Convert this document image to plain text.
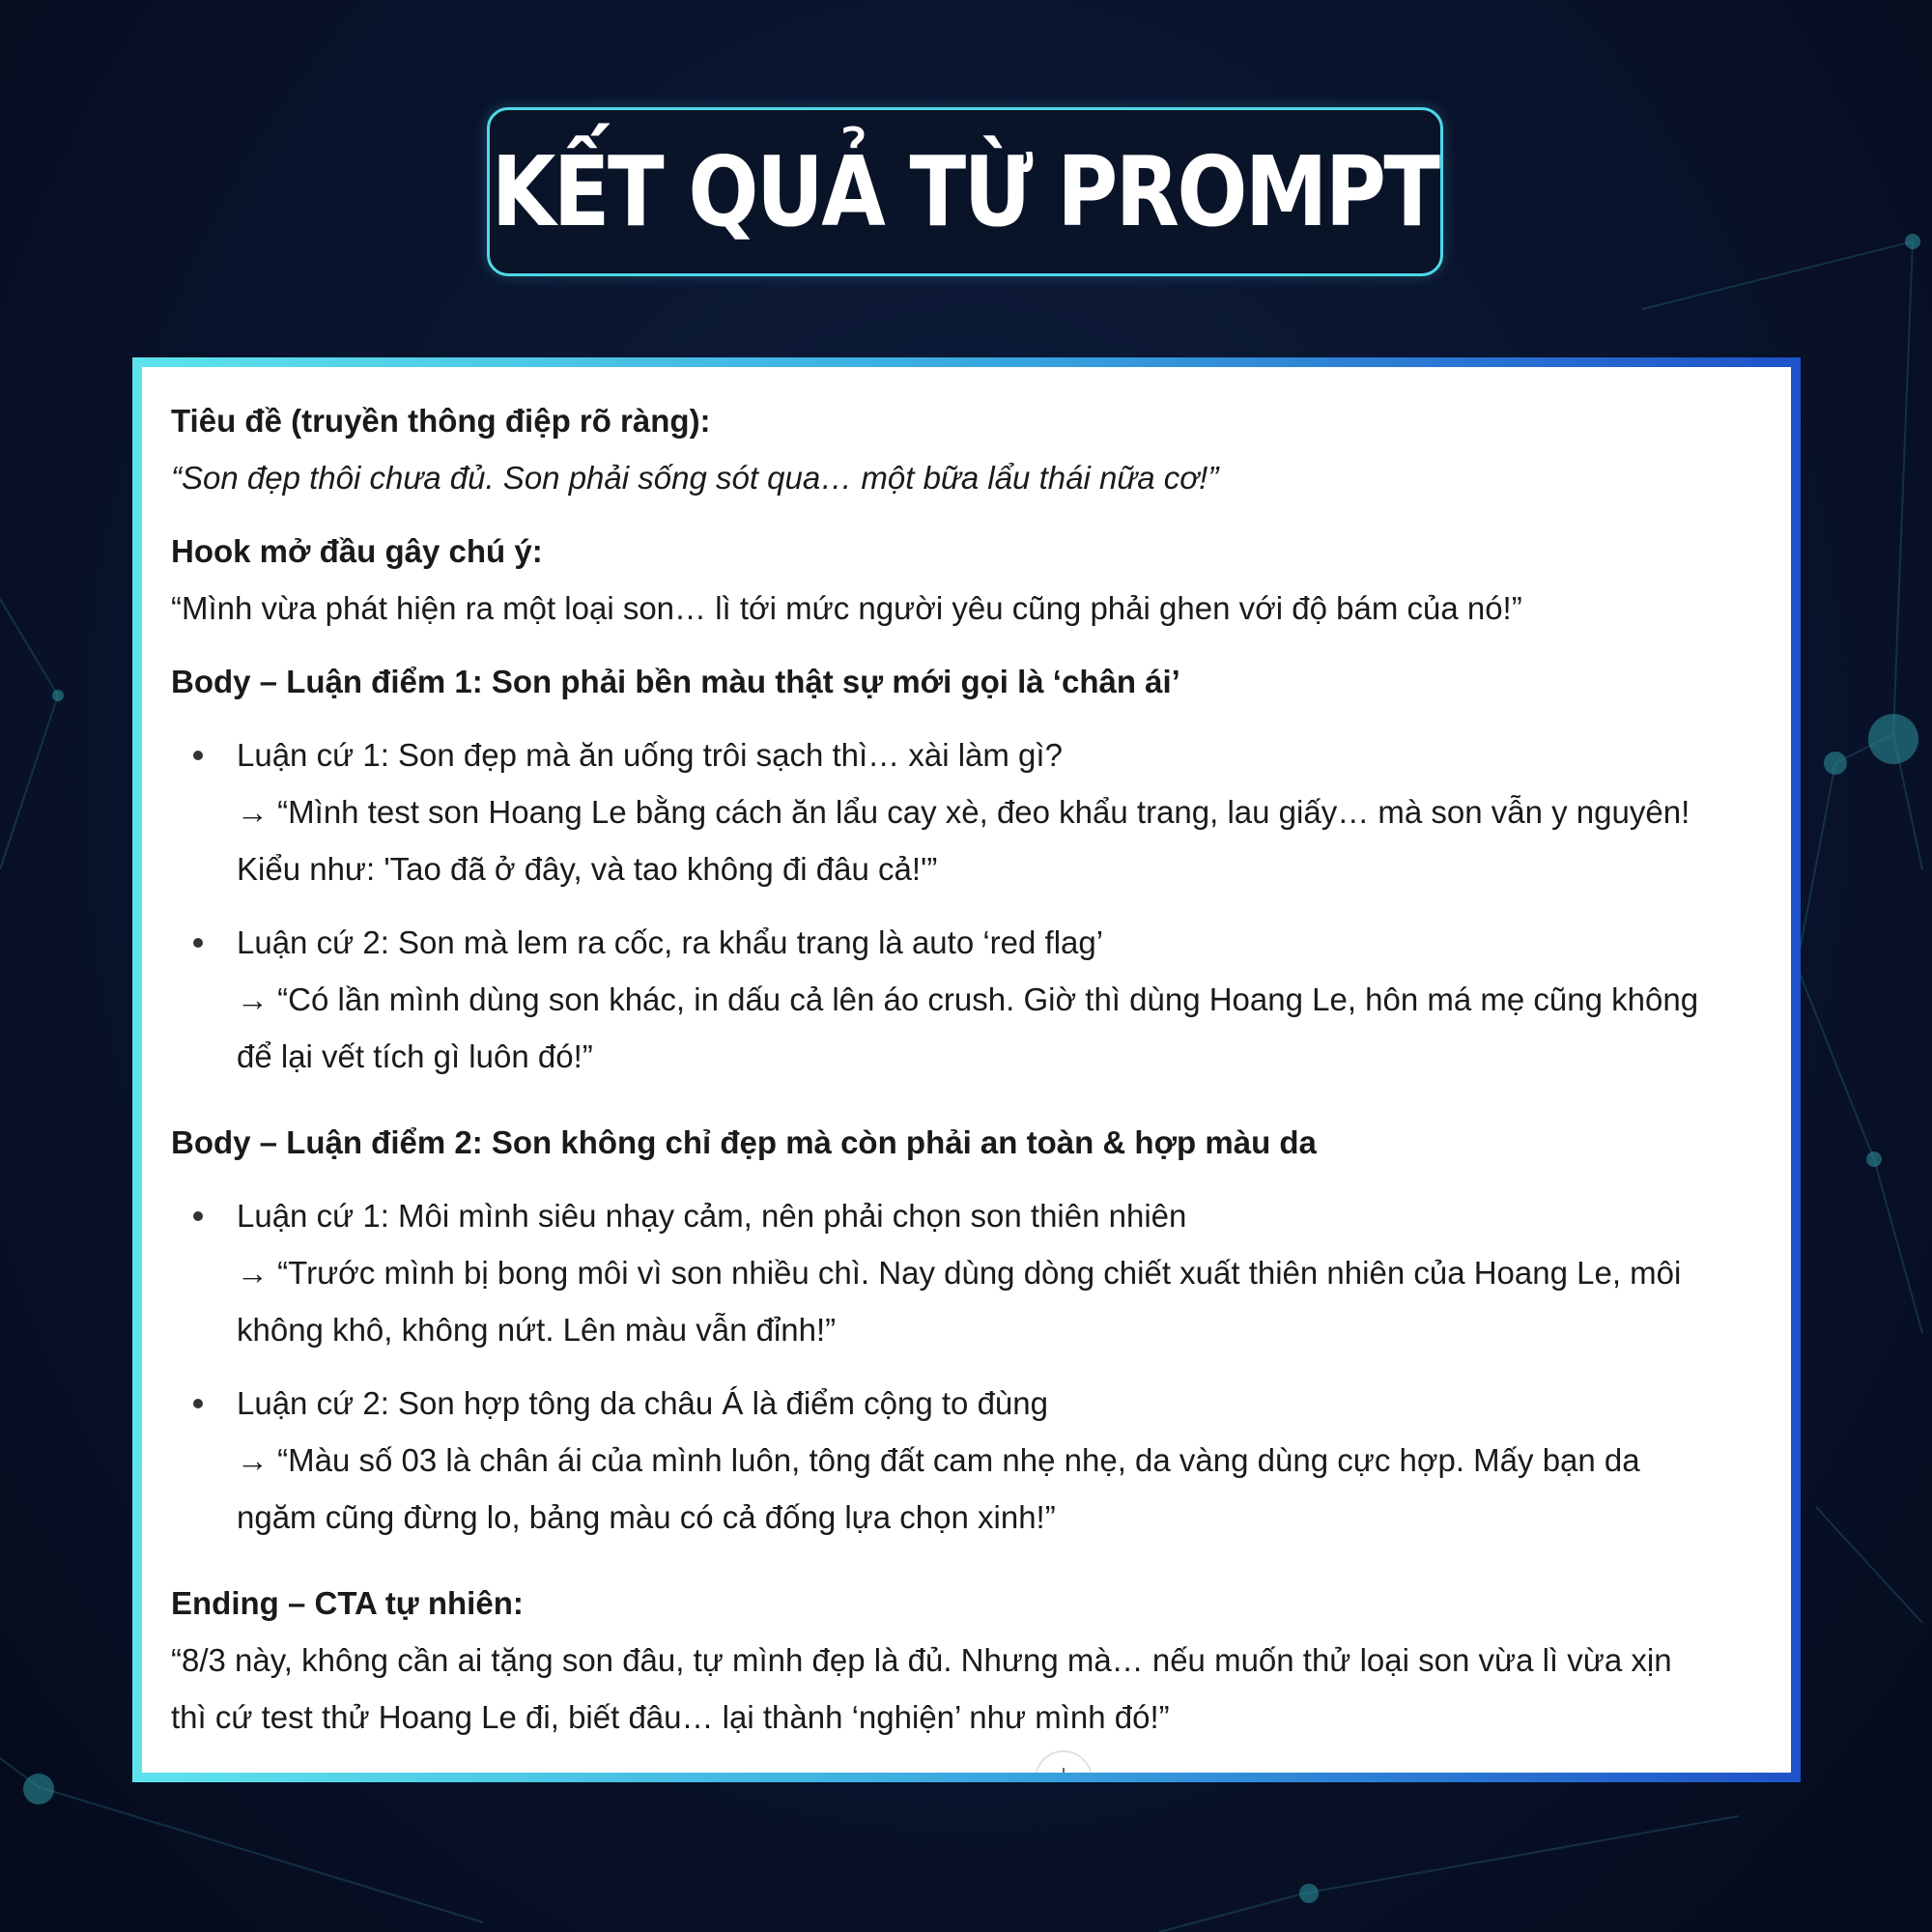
KẾT QUẢ TỪ PROMPT

Tiêu đề (truyền thông điệp rõ ràng):

“Son đẹp thôi chưa đủ. Son phải sống sót qua… một bữa lẩu thái nữa cơ!”

Hook mở đầu gây chú ý:

“Mình vừa phát hiện ra một loại son… lì tới mức người yêu cũng phải ghen với độ bám của nó!”

Body – Luận điểm 1: Son phải bền màu thật sự mới gọi là ‘chân ái’

Luận cứ 1: Son đẹp mà ăn uống trôi sạch thì… xài làm gì?
→ “Mình test son Hoang Le bằng cách ăn lẩu cay xè, đeo khẩu trang, lau giấy… mà son vẫn y nguyên!
Kiểu như: 'Tao đã ở đây, và tao không đi đâu cả!'”
Luận cứ 2: Son mà lem ra cốc, ra khẩu trang là auto ‘red flag’
→ “Có lần mình dùng son khác, in dấu cả lên áo crush. Giờ thì dùng Hoang Le, hôn má mẹ cũng không
để lại vết tích gì luôn đó!”

Body – Luận điểm 2: Son không chỉ đẹp mà còn phải an toàn & hợp màu da

Luận cứ 1: Môi mình siêu nhạy cảm, nên phải chọn son thiên nhiên
→ “Trước mình bị bong môi vì son nhiều chì. Nay dùng dòng chiết xuất thiên nhiên của Hoang Le, môi
không khô, không nứt. Lên màu vẫn đỉnh!”
Luận cứ 2: Son hợp tông da châu Á là điểm cộng to đùng
→ “Màu số 03 là chân ái của mình luôn, tông đất cam nhẹ nhẹ, da vàng dùng cực hợp. Mấy bạn da
ngăm cũng đừng lo, bảng màu có cả đống lựa chọn xinh!”

Ending – CTA tự nhiên:

“8/3 này, không cần ai tặng son đâu, tự mình đẹp là đủ. Nhưng mà… nếu muốn thử loại son vừa lì vừa xịn

thì cứ test thử Hoang Le đi, biết đâu… lại thành ‘nghiện’ như mình đó!”
